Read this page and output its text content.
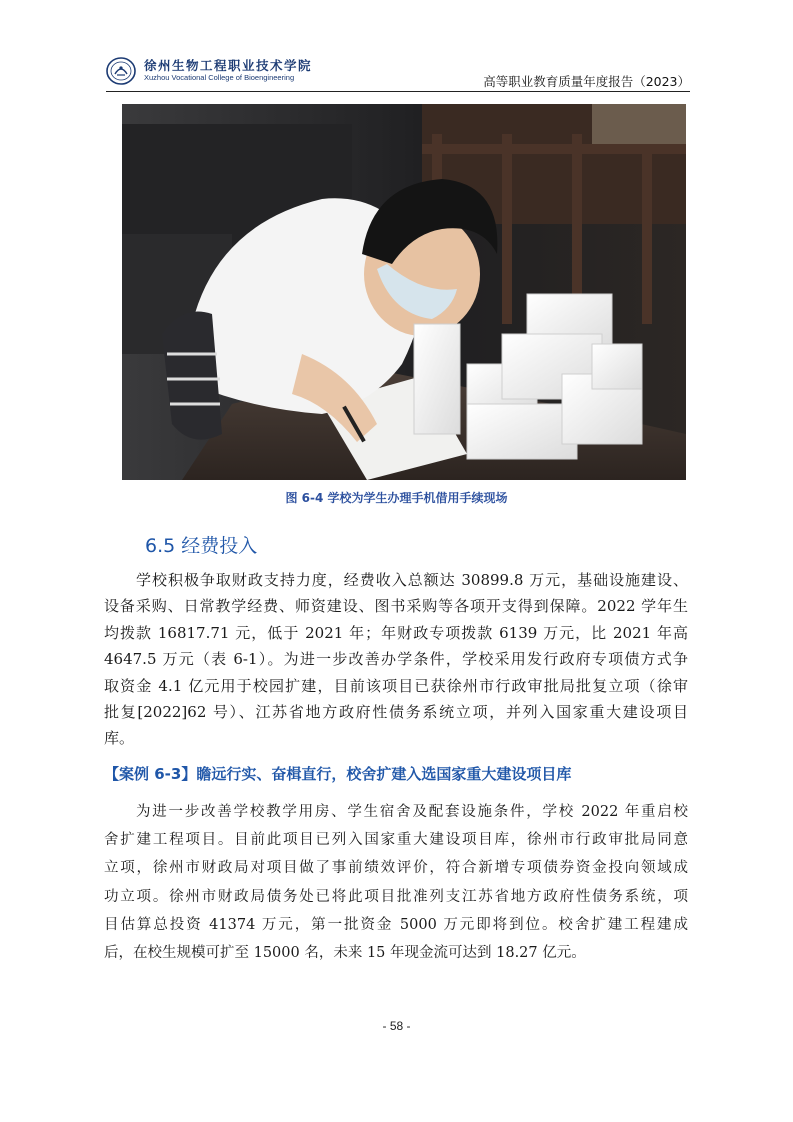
徐州生物工程职业技术学院
Xuzhou Vocational College of Bioengineering	高等职业教育质量年度报告（2023）
图 6-4 学校为学生办理手机借用手续现场
6.5 经费投入
学校积极争取财政支持力度，经费收入总额达 30899.8 万元，基础设施建设、
设备采购、日常教学经费、师资建设、图书采购等各项开支得到保障。2022 学年生
均拨款 16817.71 元，低于 2021 年；年财政专项拨款 6139 万元，比 2021 年高
4647.5 万元（表 6-1）。为进一步改善办学条件，学校采用发行政府专项债方式争
取资金 4.1 亿元用于校园扩建，目前该项目已获徐州市行政审批局批复立项（徐审
批复[2022]62 号）、江苏省地方政府性债务系统立项，并列入国家重大建设项目
库。
【案例 6-3】瞻远行实、奋楫直行，校舍扩建入选国家重大建设项目库
为进一步改善学校教学用房、学生宿舍及配套设施条件，学校 2022 年重启校
舍扩建工程项目。目前此项目已列入国家重大建设项目库，徐州市行政审批局同意
立项，徐州市财政局对项目做了事前绩效评价，符合新增专项债券资金投向领域成
功立项。徐州市财政局债务处已将此项目批准列支江苏省地方政府性债务系统，项
目估算总投资 41374 万元，第一批资金 5000 万元即将到位。校舍扩建工程建成
后，在校生规模可扩至 15000 名，未来 15 年现金流可达到 18.27 亿元。
- 58 -
